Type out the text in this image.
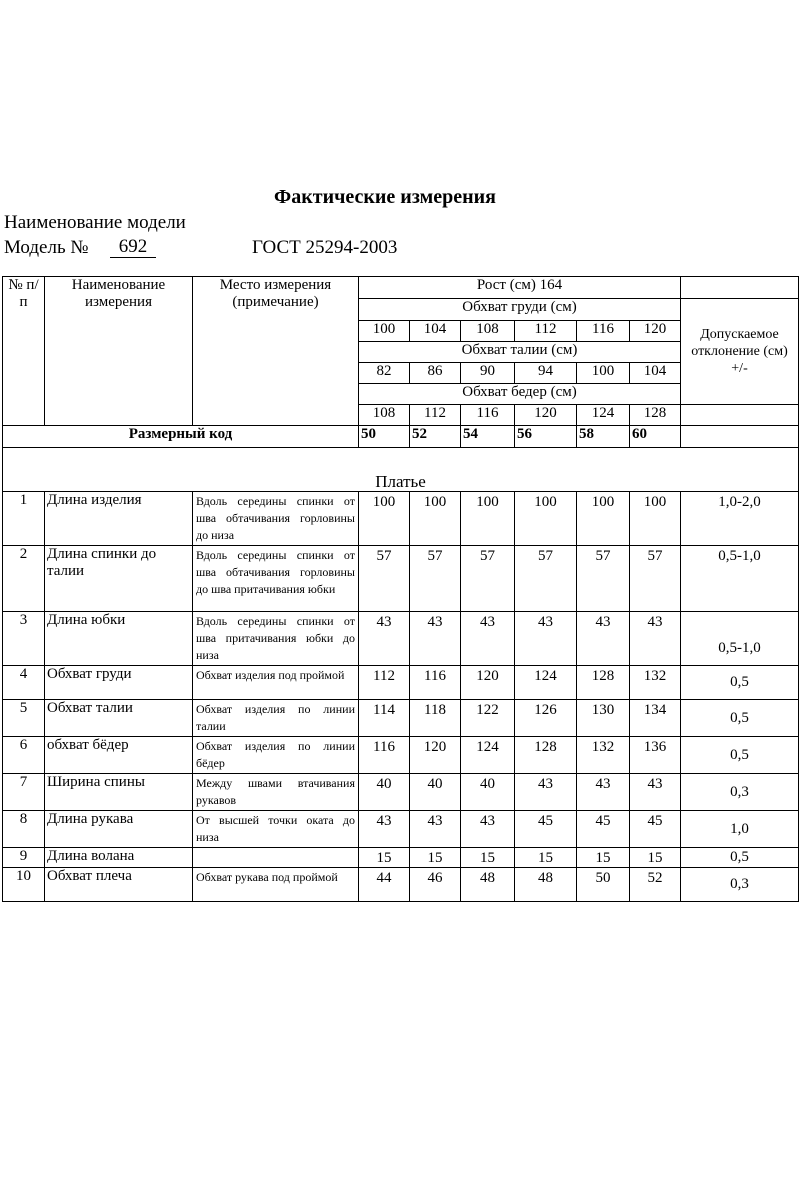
Фактические измерения
Наименование модели
Модель №	692	ГОСТ 25294-2003
№ п/п	Наименование измерения	Место измерения (примечание)	Рост (см) 164						
			Обхват груди (см)						Допускаемое отклонение (см) +/-
			100	104	108	112	116	120	
			Обхват талии (см)						
			82	86	90	94	100	104	
			Обхват бедер (см)						
			108	112	116	120	124	128	
Размерный код			50	52	54	56	58	60	
Платье									
1	Длина изделия	Вдоль середины спинки от шва обтачивания горловины до низа	100	100	100	100	100	100	1,0-2,0
2	Длина спинки до талии	Вдоль середины спинки от шва обтачивания горловины до шва притачивания юбки	57	57	57	57	57	57	0,5-1,0
3	Длина юбки	Вдоль середины спинки от шва притачивания юбки до низа	43	43	43	43	43	43	0,5-1,0
4	Обхват груди	Обхват изделия под проймой	112	116	120	124	128	132	0,5
5	Обхват талии	Обхват изделия по линии талии	114	118	122	126	130	134	0,5
6	обхват бёдер	Обхват изделия по линии бёдер	116	120	124	128	132	136	0,5
7	Ширина спины	Между швами втачивания рукавов	40	40	40	43	43	43	0,3
8	Длина рукава	От высшей точки оката до низа	43	43	43	45	45	45	1,0
9	Длина волана		15	15	15	15	15	15	0,5
10	Обхват плеча	Обхват рукава под проймой	44	46	48	48	50	52	0,3
